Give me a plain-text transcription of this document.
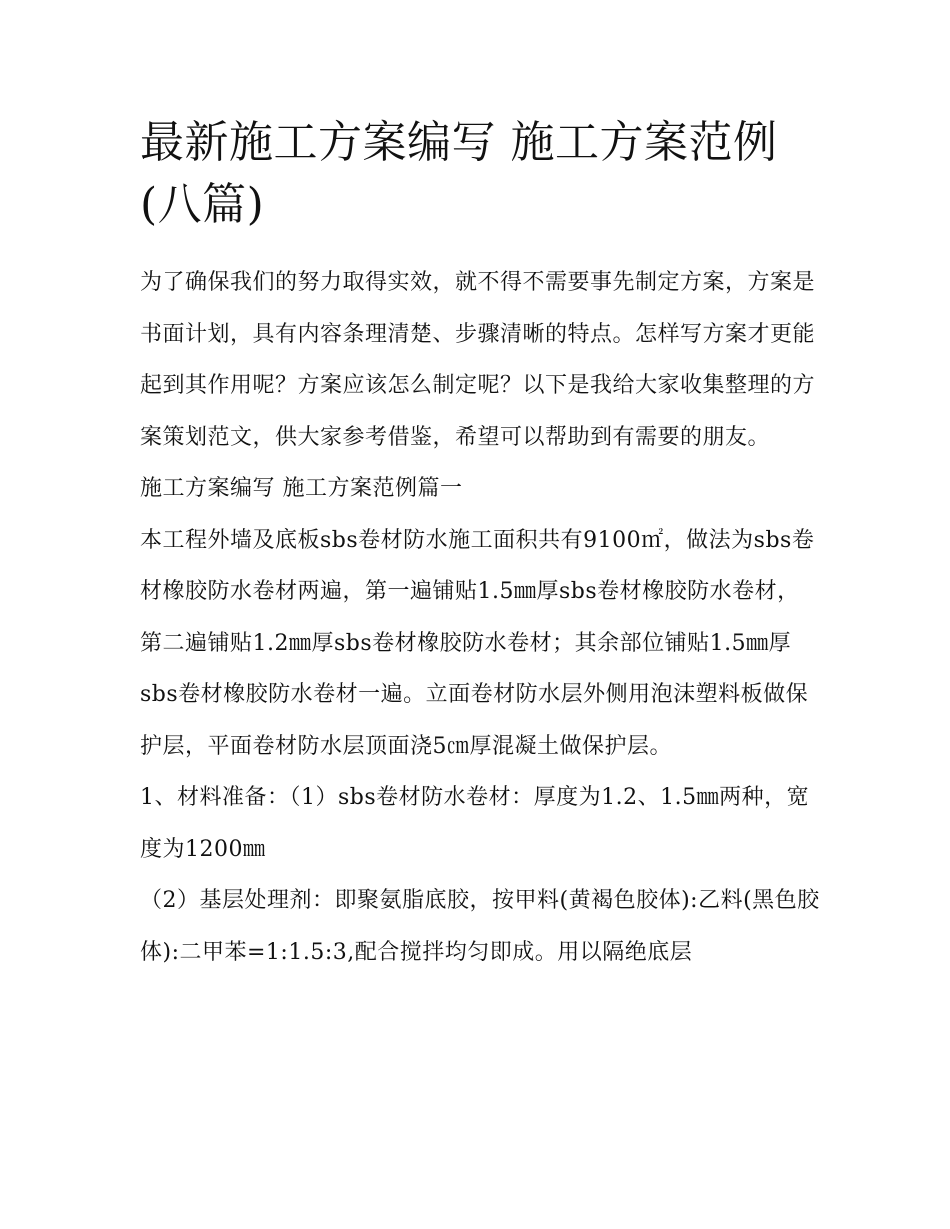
最新施工方案编写 施工方案范例(八篇)

为了确保我们的努力取得实效，就不得不需要事先制定方案，方案是书面计划，具有内容条理清楚、步骤清晰的特点。怎样写方案才更能起到其作用呢？方案应该怎么制定呢？以下是我给大家收集整理的方案策划范文，供大家参考借鉴，希望可以帮助到有需要的朋友。

施工方案编写 施工方案范例篇一

本工程外墙及底板sbs卷材防水施工面积共有9100㎡，做法为sbs卷材橡胶防水卷材两遍，第一遍铺贴1.5㎜厚sbs卷材橡胶防水卷材，第二遍铺贴1.2㎜厚sbs卷材橡胶防水卷材；其余部位铺贴1.5㎜厚sbs卷材橡胶防水卷材一遍。立面卷材防水层外侧用泡沫塑料板做保护层，平面卷材防水层顶面浇5㎝厚混凝土做保护层。

1、材料准备：（1）sbs卷材防水卷材：厚度为1.2、1.5㎜两种，宽度为1200㎜

（2）基层处理剂：即聚氨脂底胶，按甲料(黄褐色胶体):乙料(黑色胶体):二甲苯=1:1.5:3,配合搅拌均匀即成。用以隔绝底层
